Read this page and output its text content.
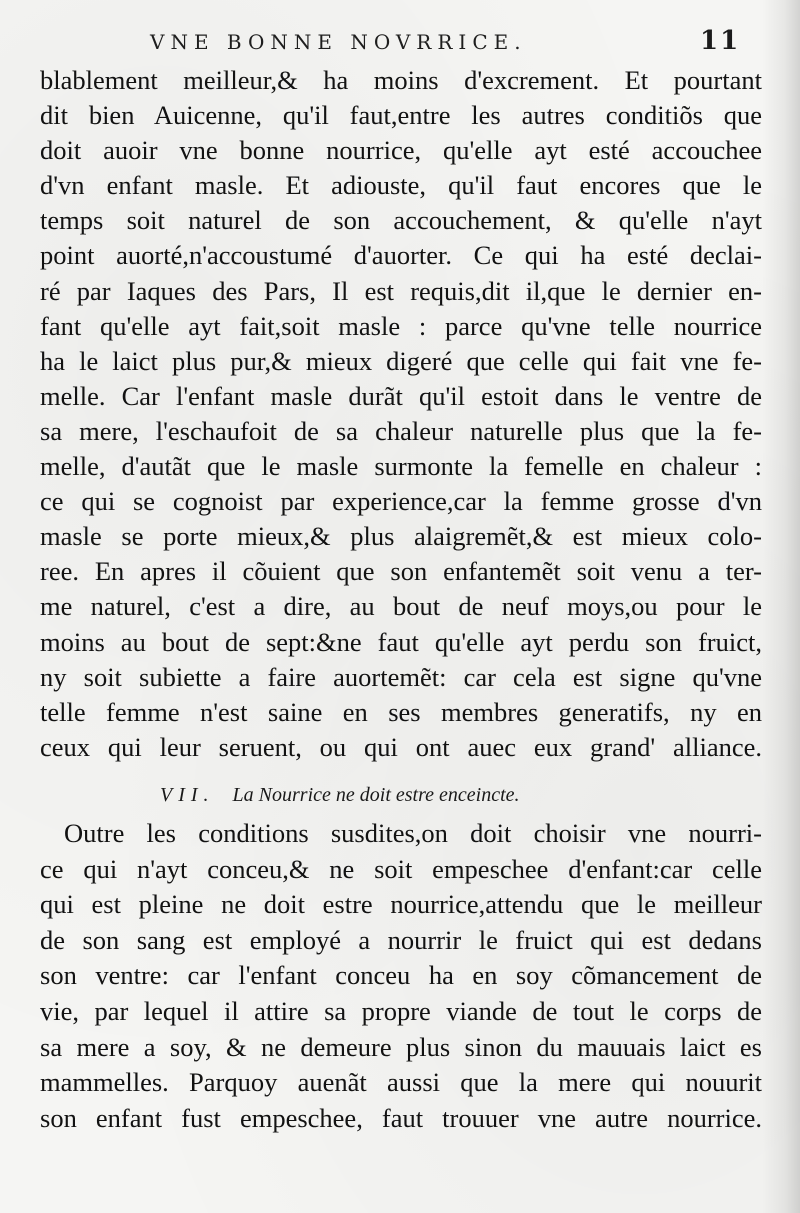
VNE BONNE NOVRRICE.	11
blablement meilleur,& ha moins d'excrement. Et pourtant
dit bien Auicenne, qu'il faut,entre les autres conditiõs que
doit auoir vne bonne nourrice, qu'elle ayt esté accouchee
d'vn enfant masle. Et adiouste, qu'il faut encores que le
temps soit naturel de son accouchement, & qu'elle n'ayt
point auorté,n'accoustumé d'auorter. Ce qui ha esté declai-
ré par Iaques des Pars, Il est requis,dit il,que le dernier en-
fant qu'elle ayt fait,soit masle : parce qu'vne telle nourrice
ha le laict plus pur,& mieux digeré que celle qui fait vne fe-
melle. Car l'enfant masle durãt qu'il estoit dans le ventre de
sa mere, l'eschaufoit de sa chaleur naturelle plus que la fe-
melle, d'autãt que le masle surmonte la femelle en chaleur :
ce qui se cognoist par experience,car la femme grosse d'vn
masle se porte mieux,& plus alaigremẽt,& est mieux colo-
ree. En apres il cõuient que son enfantemẽt soit venu a ter-
me naturel, c'est a dire, au bout de neuf moys,ou pour le
moins au bout de sept:&ne faut qu'elle ayt perdu son fruict,
ny soit subiette a faire auortemẽt: car cela est signe qu'vne
telle femme n'est saine en ses membres generatifs, ny en
ceux qui leur seruent, ou qui ont auec eux grand' alliance.
VII. La Nourrice ne doit estre enceincte.
Outre les conditions susdites,on doit choisir vne nourri-
ce qui n'ayt conceu,& ne soit empeschee d'enfant:car celle
qui est pleine ne doit estre nourrice,attendu que le meilleur
de son sang est employé a nourrir le fruict qui est dedans
son ventre: car l'enfant conceu ha en soy cõmancement de
vie, par lequel il attire sa propre viande de tout le corps de
sa mere a soy, & ne demeure plus sinon du mauuais laict es
mammelles. Parquoy auenãt aussi que la mere qui nouurit
son enfant fust empeschee, faut trouuer vne autre nourrice.
